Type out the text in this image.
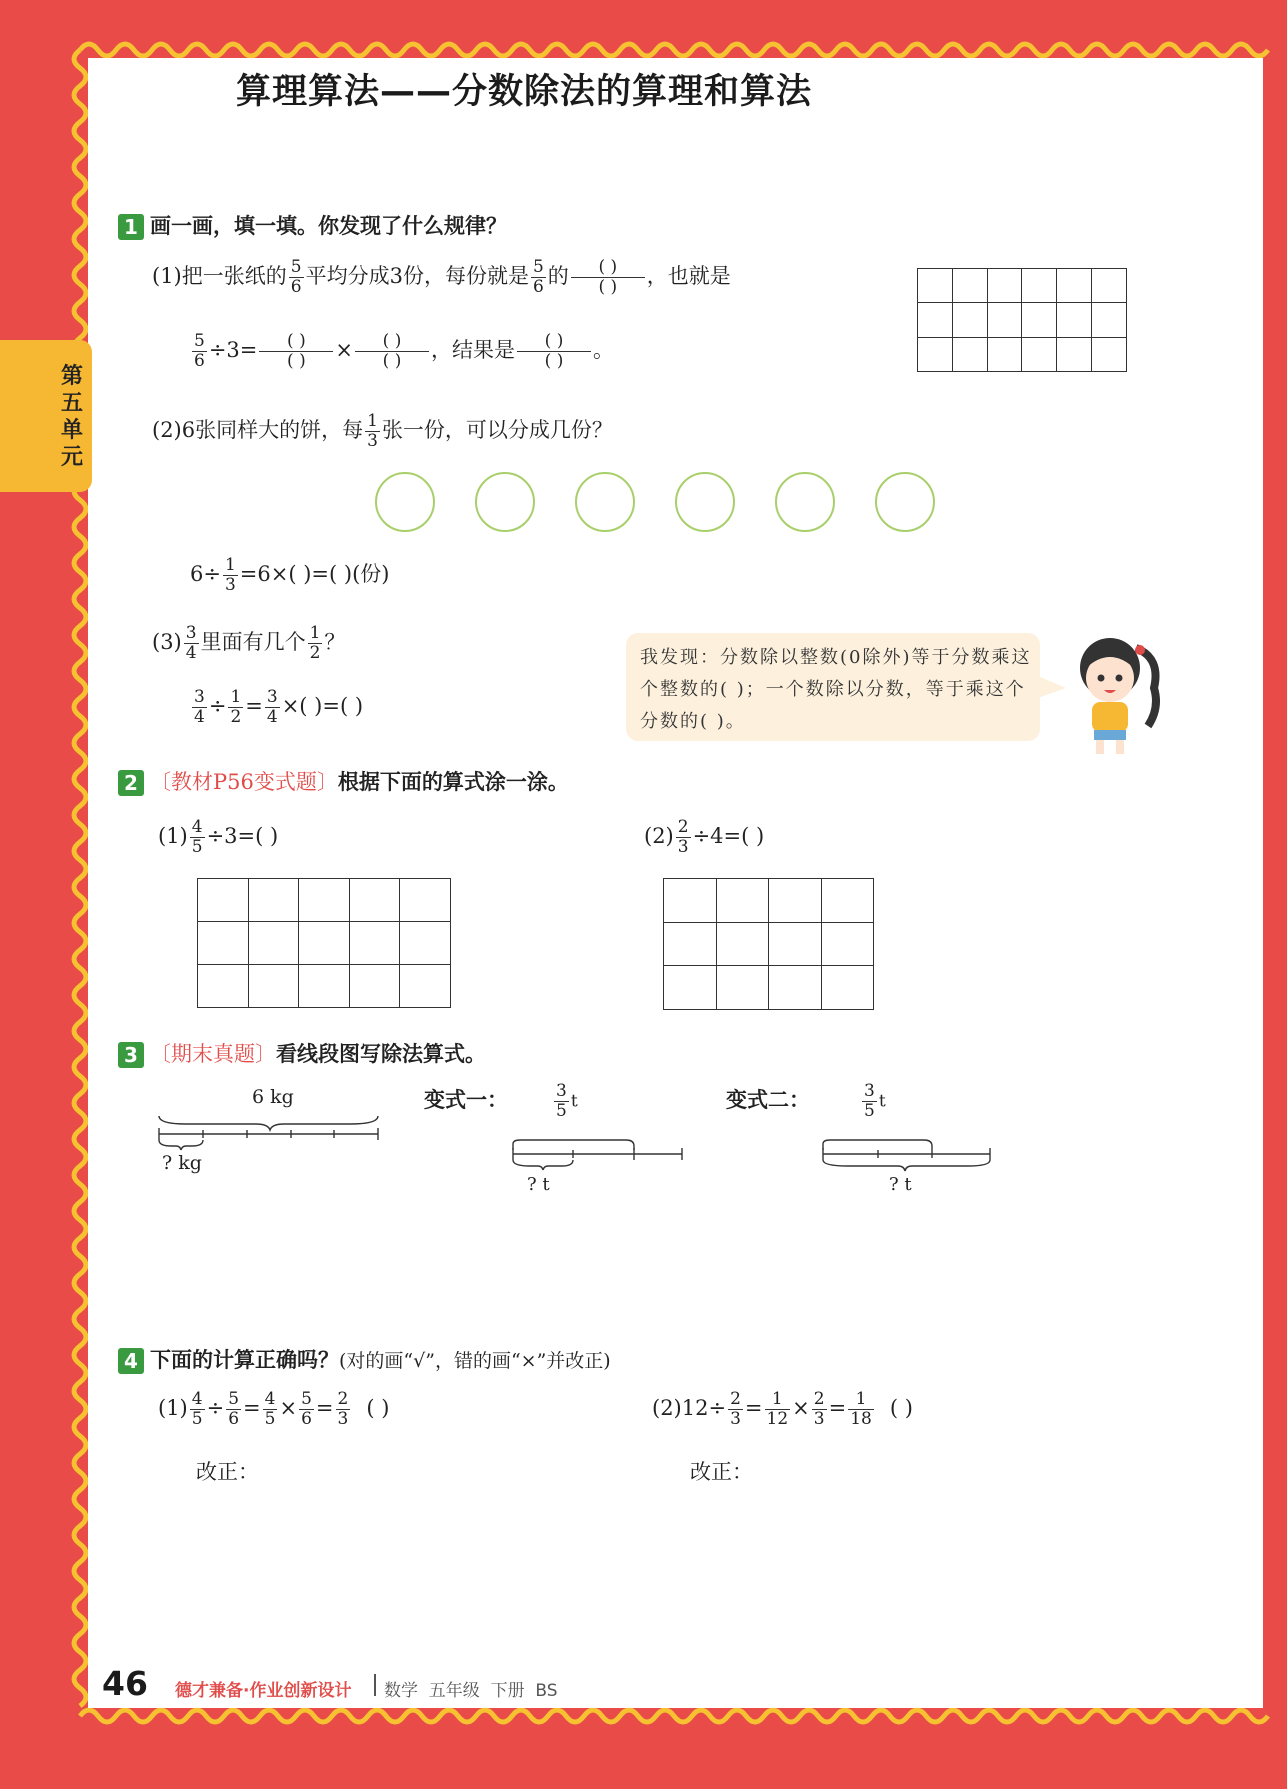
第五单元
算理算法——分数除法的算理和算法
1 画一画，填一填。你发现了什么规律？
(1)把一张纸的 $\frac{5}{6}$ 平均分成3份，每份就是 $\frac{5}{6}$ 的 $\frac{( )}{( )}$ ，也就是
$\frac{5}{6} \div 3= \frac{( )}{( )} \times \frac{( )}{( )}$ ，结果是 $\frac{( )}{( )}$ 。

(2)6张同样大的饼，每 $\frac{1}{3}$ 张一份，可以分成几份？
$6\div \frac{1}{3} =6\times$( )=( )(份)
$(3) \frac{3}{4}$ 里面有几个 $\frac{1}{2}$ ？
$\frac{3}{4} \div \frac{1}{2} = \frac{3}{4}$ ×( )=( )
我发现：分数除以整数(0除外)等于分数乘这个整数的( )；一个数除以分数，等于乘这个分数的( )。
2 〔教材P56变式题〕根据下面的算式涂一涂。
$(1) \frac{4}{5} \div 3=$( )	$(2) \frac{2}{3} \div 4=$( )

3 〔期末真题〕看线段图写除法算式。
6 kg
? kg
变式一：	$\frac{3}{5}$ t
? t
变式二：	$\frac{3}{5}$ t
? t
4 下面的计算正确吗？(对的画“√”，错的画“×”并改正)
$(1) \frac{4}{5} \div \frac{5}{6} = \frac{4}{5} \times \frac{5}{6} = \frac{2}{3}$ ( )
改正：
$(2)12\div \frac{2}{3} = \frac{1}{12} \times \frac{2}{3} = \frac{1}{18}$ ( )
改正：
46 德才兼备·作业创新设计 数学  五年级  下册  BS
